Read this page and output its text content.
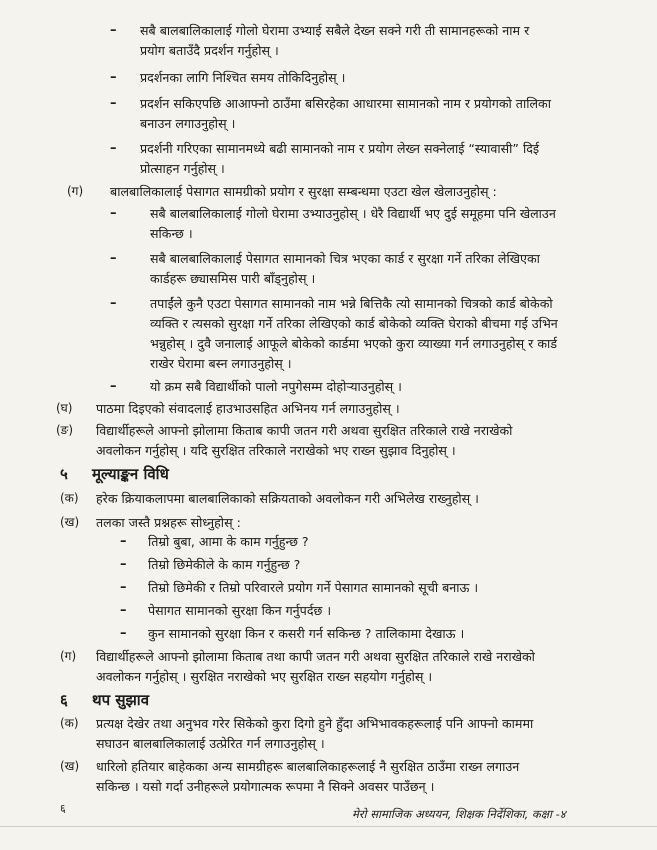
– सबै बालबालिकालाई गोलो घेरामा उभ्याई सबैले देख्न सक्ने गरी ती सामानहरूको नाम र
प्रयोग बताउँदै प्रदर्शन गर्नुहोस् ।
– प्रदर्शनका लागि निश्चित समय तोकिदिनुहोस् ।
– प्रदर्शन सकिएपछि आआफ्नो ठाउँमा बसिरहेका आधारमा सामानको नाम र प्रयोगको तालिका
बनाउन लगाउनुहोस् ।
– प्रदर्शनी गरिएका सामानमध्ये बढी सामानको नाम र प्रयोग लेख्न सक्नेलाई “स्यावासी” दिई
प्रोत्साहन गर्नुहोस् ।
(ग) बालबालिकालाई पेसागत सामग्रीको प्रयोग र सुरक्षा सम्बन्धमा एउटा खेल खेलाउनुहोस् :
–	सबै बालबालिकालाई गोलो घेरामा उभ्याउनुहोस् । धेरै विद्यार्थी भए दुई समूहमा पनि खेलाउन
सकिन्छ ।
–	सबै बालबालिकालाई पेसागत सामानको चित्र भएका कार्ड र सुरक्षा गर्ने तरिका लेखिएका
कार्डहरू छ्यासमिस पारी बाँड्नुहोस् ।
–	तपाईंले कुनै एउटा पेसागत सामानको नाम भन्ने बित्तिकै त्यो सामानको चित्रको कार्ड बोकेको
व्यक्ति र त्यसको सुरक्षा गर्ने तरिका लेखिएको कार्ड बोकेको व्यक्ति घेराको बीचमा गई उभिन
भन्नुहोस् । दुवै जनालाई आफूले बोकेको कार्डमा भएको कुरा व्याख्या गर्न लगाउनुहोस् र कार्ड
राखेर घेरामा बस्न लगाउनुहोस् ।
–	यो क्रम सबै विद्यार्थीको पालो नपुगेसम्म दोहोऱ्याउनुहोस् ।
(घ) पाठमा दिइएको संवादलाई हाउभाउसहित अभिनय गर्न लगाउनुहोस् ।
(ङ) विद्यार्थीहरूले आफ्नो झोलामा किताब कापी जतन गरी अथवा सुरक्षित तरिकाले राखे नराखेको
अवलोकन गर्नुहोस् । यदि सुरक्षित तरिकाले नराखेको भए राख्न सुझाव दिनुहोस् ।
५ मूल्याङ्कन विधि
(क) हरेक क्रियाकलापमा बालबालिकाको सक्रियताको अवलोकन गरी अभिलेख राख्नुहोस् ।
(ख) तलका जस्तै प्रश्नहरू सोध्नुहोस् :
– तिम्रो बुबा, आमा के काम गर्नुहुन्छ ?
– तिम्रो छिमेकीले के काम गर्नुहुन्छ ?
– तिम्रो छिमेकी र तिम्रो परिवारले प्रयोग गर्ने पेसागत सामानको सूची बनाऊ ।
– पेसागत सामानको सुरक्षा किन गर्नुपर्दछ ।
– कुन सामानको सुरक्षा किन र कसरी गर्न सकिन्छ ? तालिकामा देखाऊ ।
(ग) विद्यार्थीहरूले आफ्नो झोलामा किताब तथा कापी जतन गरी अथवा सुरक्षित तरिकाले राखे नराखेको
अवलोकन गर्नुहोस् । सुरक्षित नराखेको भए सुरक्षित राख्न सहयोग गर्नुहोस् ।
६ थप सुझाव
(क) प्रत्यक्ष देखेर तथा अनुभव गरेर सिकेको कुरा दिगो हुने हुँदा अभिभावकहरूलाई पनि आफ्नो काममा
सघाउन बालबालिकालाई उत्प्रेरित गर्न लगाउनुहोस् ।
(ख) धारिलो हतियार बाहेकका अन्य सामग्रीहरू बालबालिकाहरूलाई नै सुरक्षित ठाउँमा राख्न लगाउन
सकिन्छ । यसो गर्दा उनीहरूले प्रयोगात्मक रूपमा नै सिक्ने अवसर पाउँछन् ।
६	मेरो सामाजिक अध्ययन, शिक्षक निर्देशिका, कक्षा -४
